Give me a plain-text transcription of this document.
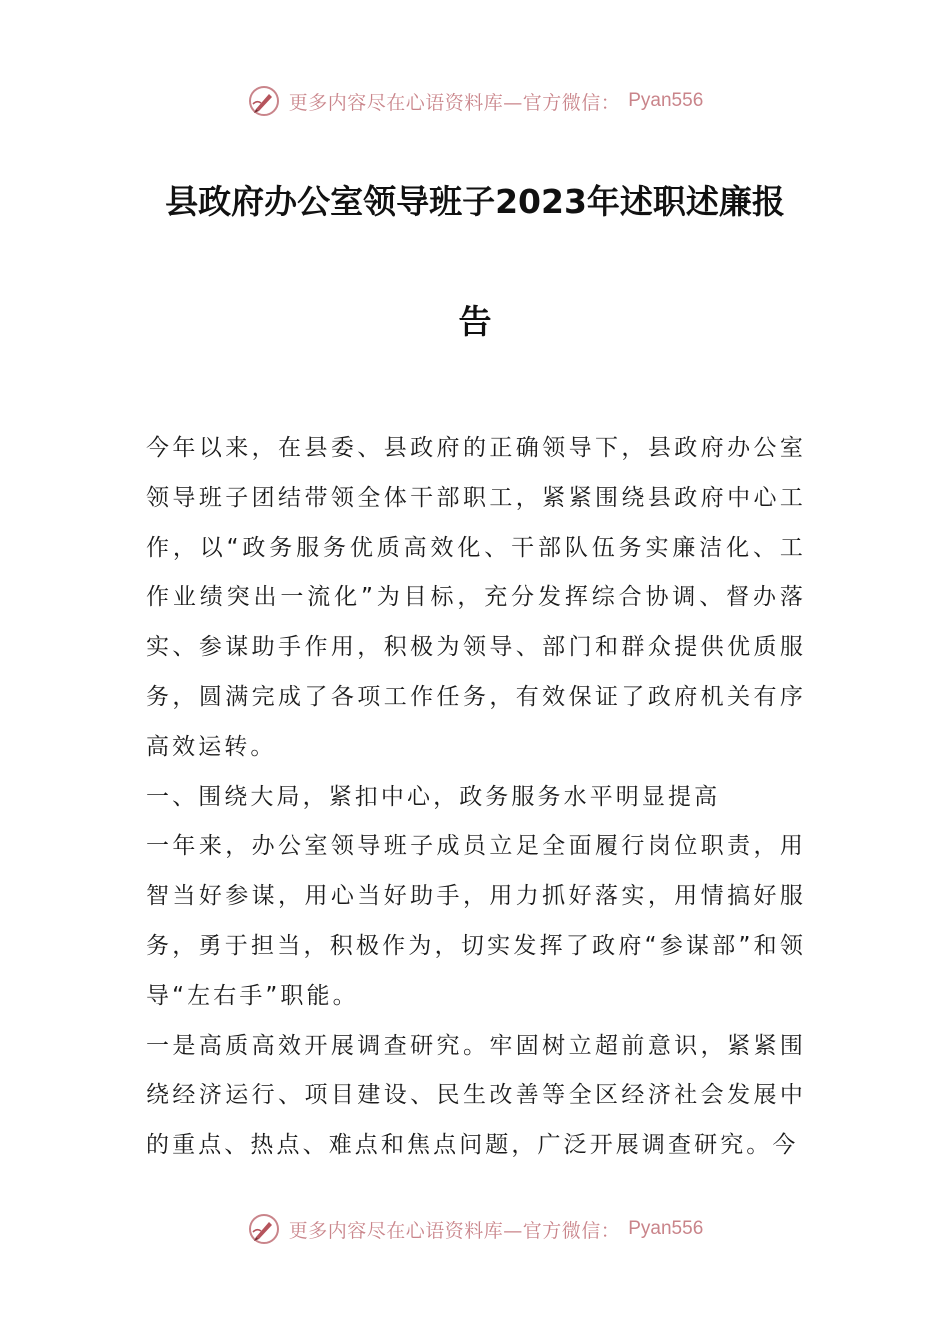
更多内容尽在心语资料库—官方微信： Pyan556
县政府办公室领导班子2023年述职述廉报
告

今年以来，在县委、县政府的正确领导下，县政府办公室领导班子团结带领全体干部职工，紧紧围绕县政府中心工作，以“政务服务优质高效化、干部队伍务实廉洁化、工作业绩突出一流化”为目标，充分发挥综合协调、督办落实、参谋助手作用，积极为领导、部门和群众提供优质服务，圆满完成了各项工作任务，有效保证了政府机关有序高效运转。

一、围绕大局，紧扣中心，政务服务水平明显提高

一年来，办公室领导班子成员立足全面履行岗位职责，用智当好参谋，用心当好助手，用力抓好落实，用情搞好服务，勇于担当，积极作为，切实发挥了政府“参谋部”和领导“左右手”职能。

一是高质高效开展调查研究。牢固树立超前意识，紧紧围绕经济运行、项目建设、民生改善等全区经济社会发展中的重点、热点、难点和焦点问题，广泛开展调查研究。今

更多内容尽在心语资料库—官方微信： Pyan556
